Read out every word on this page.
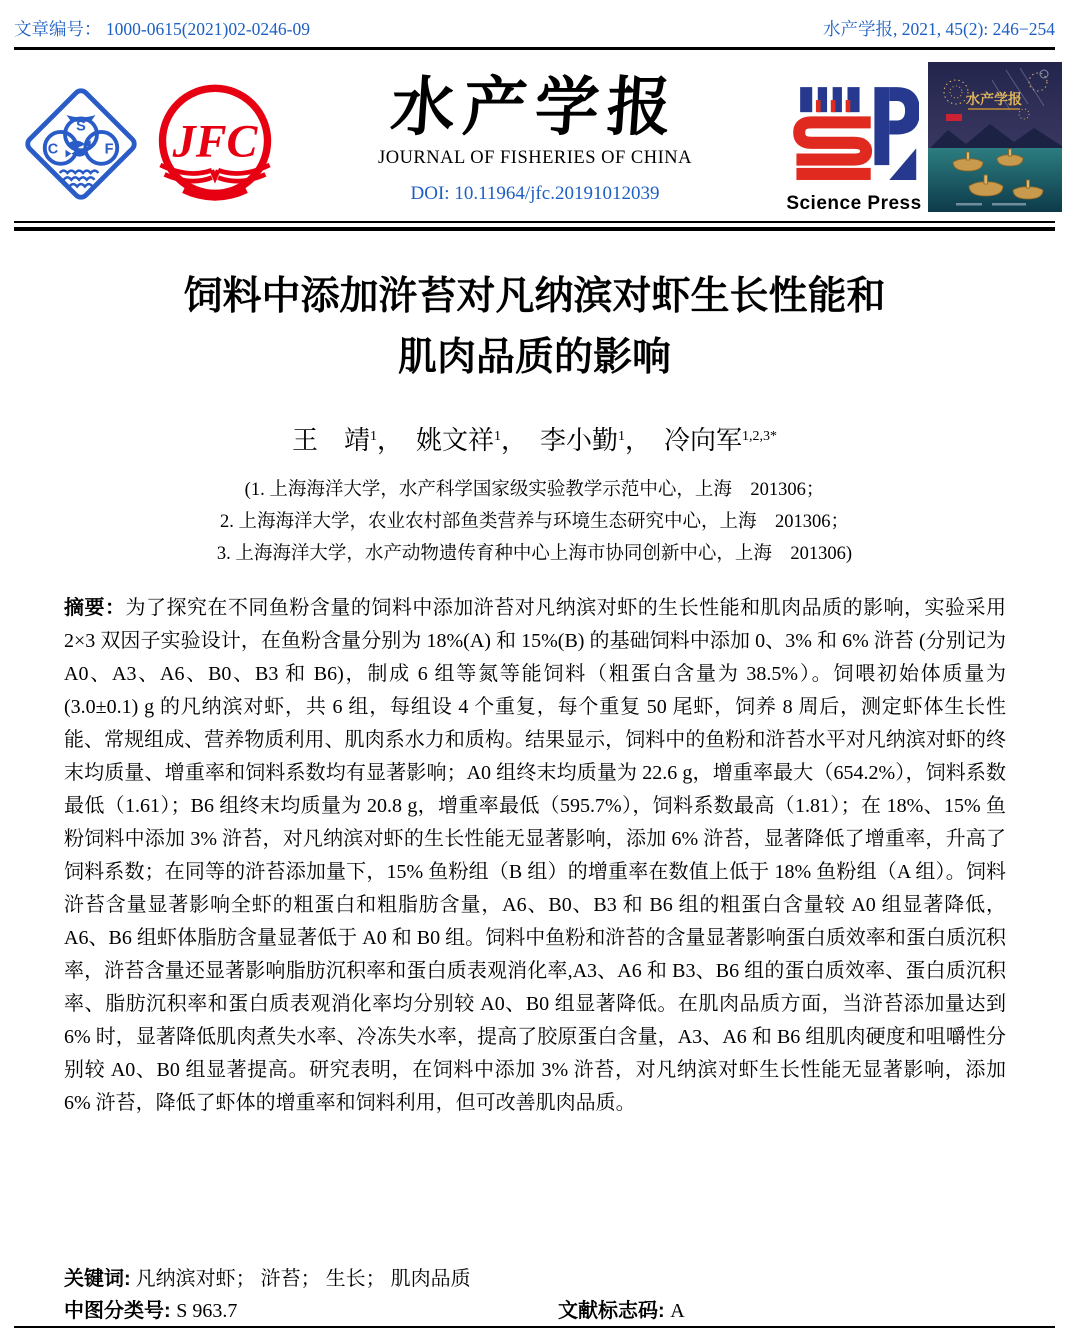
文章编号： 1000-0615(2021)02-0246-09	水产学报, 2021, 45(2): 246−254
C
S
F JFC	水产学报
JOURNAL OF FISHERIES OF CHINA
DOI: 10.11964/jfc.20191012039	Science Press
水产学报
饲料中添加浒苔对凡纳滨对虾生长性能和
肌肉品质的影响
王　靖$^1$，　姚文祥$^1$，　李小勤$^1$，　冷向军$^{1,2,3*}$
(1. 上海海洋大学，水产科学国家级实验教学示范中心，上海　201306；
2. 上海海洋大学，农业农村部鱼类营养与环境生态研究中心，上海　201306；
3. 上海海洋大学，水产动物遗传育种中心上海市协同创新中心，上海　201306)
摘要：为了探究在不同鱼粉含量的饲料中添加浒苔对凡纳滨对虾的生长性能和肌肉品质的影响，实验采用 2×3 双因子实验设计，在鱼粉含量分别为 18%(A) 和 15%(B) 的基础饲料中添加 0、3% 和 6% 浒苔 (分别记为 A0、A3、A6、B0、B3 和 B6)，制成 6 组等氮等能饲料（粗蛋白含量为 38.5%）。饲喂初始体质量为 (3.0±0.1) g 的凡纳滨对虾，共 6 组，每组设 4 个重复，每个重复 50 尾虾，饲养 8 周后，测定虾体生长性能、常规组成、营养物质利用、肌肉系水力和质构。结果显示，饲料中的鱼粉和浒苔水平对凡纳滨对虾的终末均质量、增重率和饲料系数均有显著影响；A0 组终末均质量为 22.6 g，增重率最大（654.2%），饲料系数最低（1.61）；B6 组终末均质量为 20.8 g，增重率最低（595.7%），饲料系数最高（1.81）；在 18%、15% 鱼粉饲料中添加 3% 浒苔，对凡纳滨对虾的生长性能无显著影响，添加 6% 浒苔，显著降低了增重率，升高了饲料系数；在同等的浒苔添加量下，15% 鱼粉组（B 组）的增重率在数值上低于 18% 鱼粉组（A 组）。饲料浒苔含量显著影响全虾的粗蛋白和粗脂肪含量，A6、B0、B3 和 B6 组的粗蛋白含量较 A0 组显著降低，A6、B6 组虾体脂肪含量显著低于 A0 和 B0 组。饲料中鱼粉和浒苔的含量显著影响蛋白质效率和蛋白质沉积率，浒苔含量还显著影响脂肪沉积率和蛋白质表观消化率,A3、A6 和 B3、B6 组的蛋白质效率、蛋白质沉积率、脂肪沉积率和蛋白质表观消化率均分别较 A0、B0 组显著降低。在肌肉品质方面，当浒苔添加量达到 6% 时，显著降低肌肉煮失水率、冷冻失水率，提高了胶原蛋白含量，A3、A6 和 B6 组肌肉硬度和咀嚼性分别较 A0、B0 组显著提高。研究表明，在饲料中添加 3% 浒苔，对凡纳滨对虾生长性能无显著影响，添加 6% 浒苔，降低了虾体的增重率和饲料利用，但可改善肌肉品质。
关键词: 凡纳滨对虾； 浒苔； 生长； 肌肉品质
中图分类号: S 963.7	文献标志码: A
